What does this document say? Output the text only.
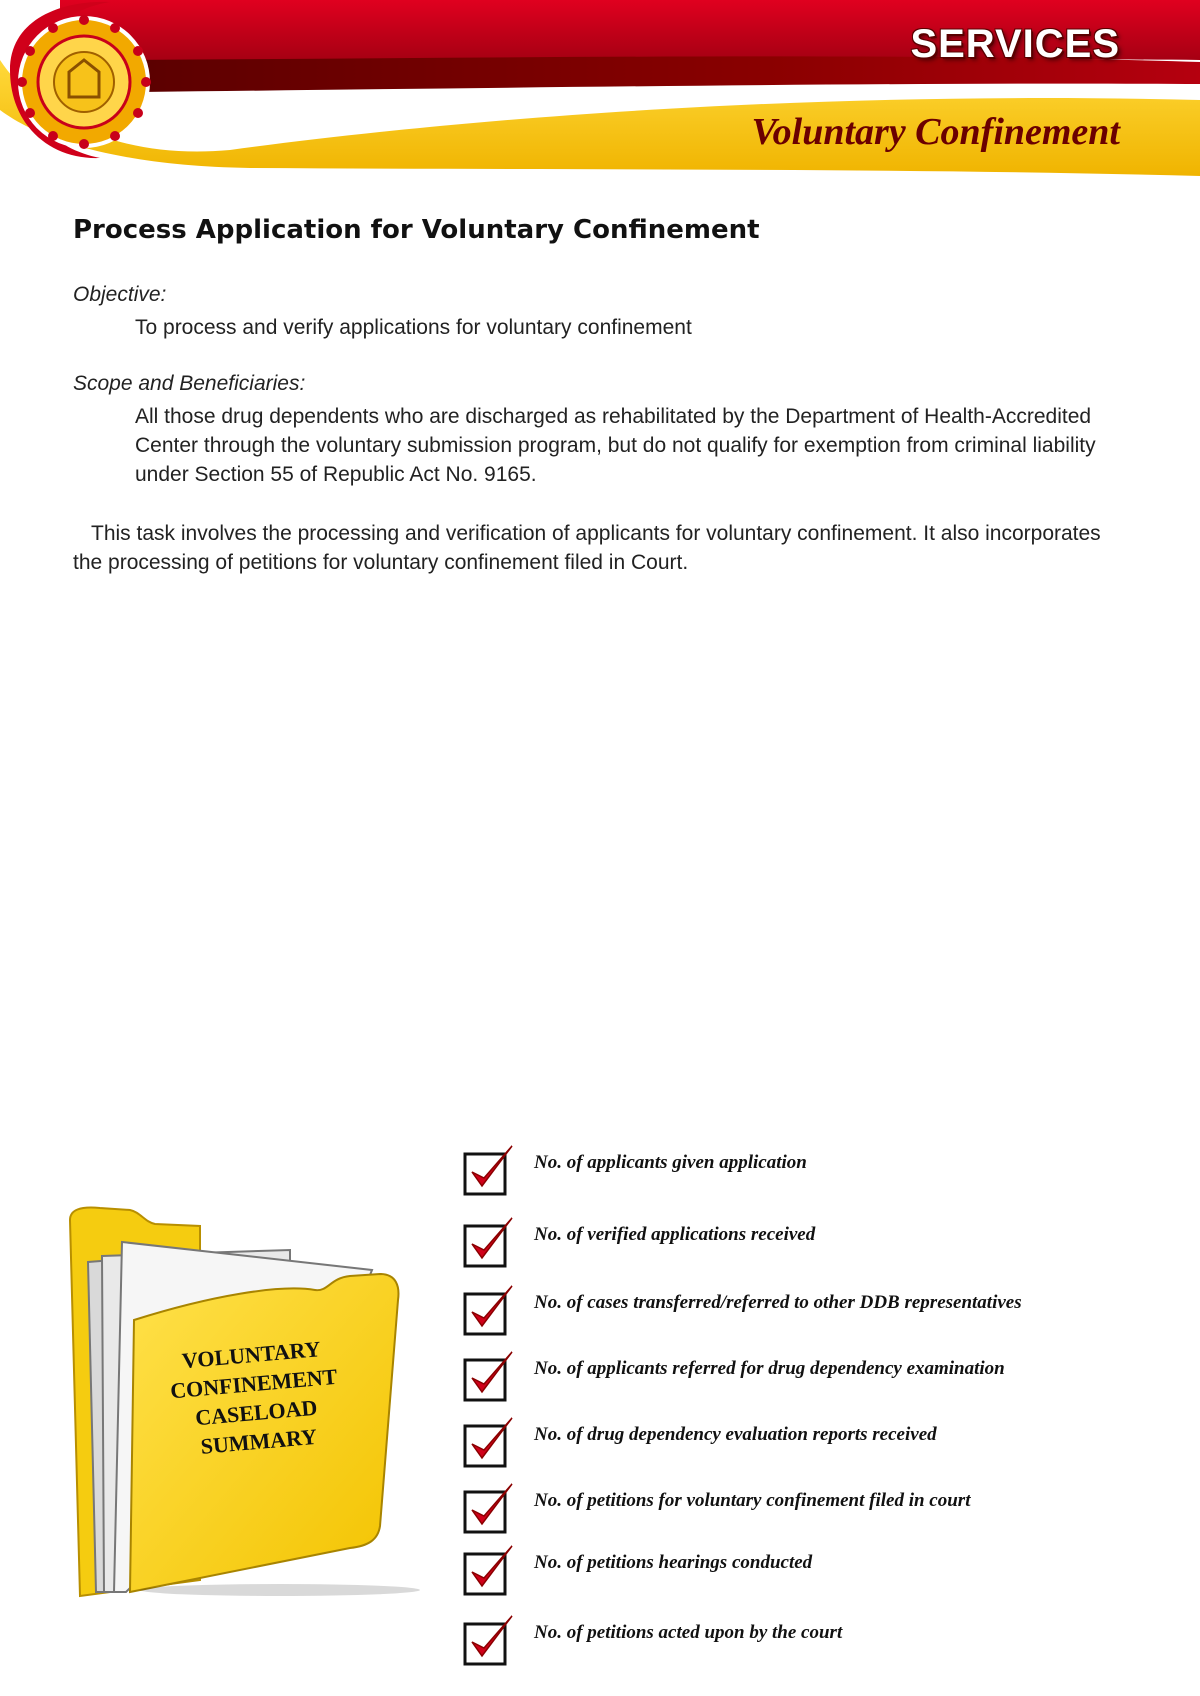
SERVICES
Voluntary Confinement
Process Application for Voluntary Confinement

Objective:

To process and verify applications for voluntary confinement

Scope and Beneficiaries:

All those drug dependents who are discharged as rehabilitated by the Department of Health-Accredited Center through the voluntary submission program, but do not qualify for exemption from criminal liability under Section 55 of Republic Act No. 9165.

This task involves the processing and verification of applicants for voluntary confinement. It also incorporates the processing of petitions for voluntary confinement filed in Court.

VOLUNTARY
CONFINEMENT
CASELOAD
SUMMARY

No. of applicants given application
No. of verified applications received
No. of cases transferred/referred to other DDB representatives
No. of applicants referred for drug dependency examination
No. of drug dependency evaluation reports received
No. of petitions for voluntary confinement filed in court
No. of petitions hearings conducted
No. of petitions acted upon by the court
